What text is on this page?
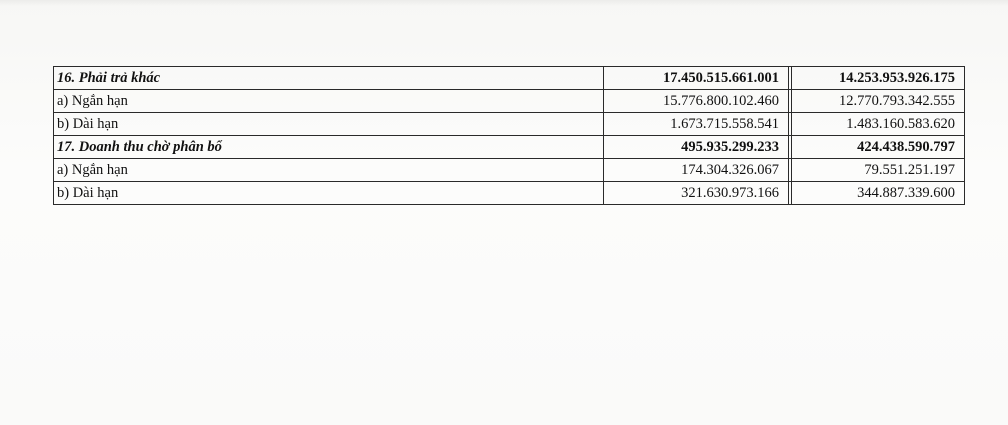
16. Phải trả khác	17.450.515.661.001		14.253.953.926.175
a) Ngắn hạn	15.776.800.102.460		12.770.793.342.555
b) Dài hạn	1.673.715.558.541		1.483.160.583.620
17. Doanh thu chờ phân bổ	495.935.299.233		424.438.590.797
a) Ngắn hạn	174.304.326.067		79.551.251.197
b) Dài hạn	321.630.973.166		344.887.339.600
